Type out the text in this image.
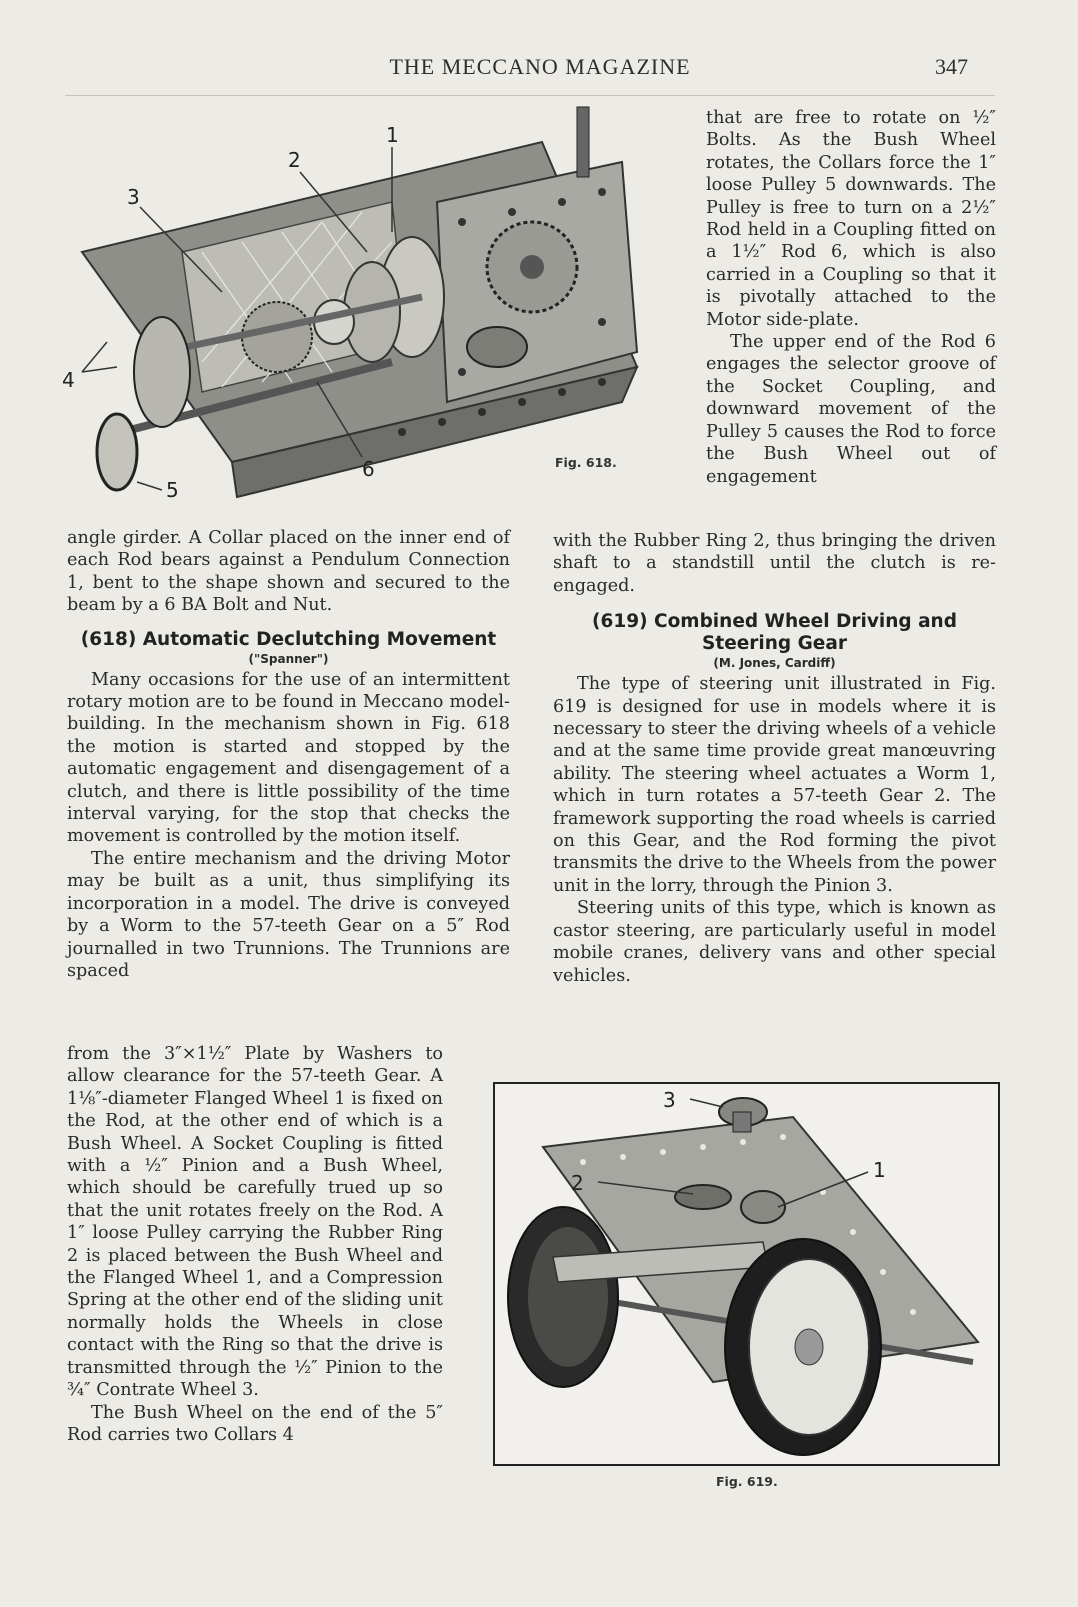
THE MECCANO MAGAZINE	347
1
2
3
4
5
6	Fig. 618.

angle girder. A Collar placed on the inner end of each Rod bears against a Pendulum Connection 1, bent to the shape shown and secured to the beam by a 6 BA Bolt and Nut.

(618) Automatic Declutching Movement
("Spanner")

Many occasions for the use of an intermittent rotary motion are to be found in Meccano model-building. In the mechanism shown in Fig. 618 the motion is started and stopped by the automatic engagement and disengagement of a clutch, and there is little possibility of the time interval varying, for the stop that checks the movement is controlled by the motion itself.

The entire mechanism and the driving Motor may be built as a unit, thus simplifying its incorporation in a model. The drive is conveyed by a Worm to the 57-teeth Gear on a 5″ Rod journalled in two Trunnions. The Trunnions are spaced

from the 3″×1½″ Plate by Washers to allow clearance for the 57-teeth Gear. A 1⅛″-diameter Flanged Wheel 1 is fixed on the Rod, at the other end of which is a Bush Wheel. A Socket Coupling is fitted with a ½″ Pinion and a Bush Wheel, which should be carefully trued up so that the unit rotates freely on the Rod. A 1″ loose Pulley carrying the Rubber Ring 2 is placed between the Bush Wheel and the Flanged Wheel 1, and a Compression Spring at the other end of the sliding unit normally holds the Wheels in close contact with the Ring so that the drive is transmitted through the ½″ Pinion to the ¾″ Contrate Wheel 3.

The Bush Wheel on the end of the 5″ Rod carries two Collars 4

that are free to rotate on ½″ Bolts. As the Bush Wheel rotates, the Collars force the 1″ loose Pulley 5 downwards. The Pulley is free to turn on a 2½″ Rod held in a Coupling fitted on a 1½″ Rod 6, which is also carried in a Coupling so that it is pivotally attached to the Motor side-plate.

The upper end of the Rod 6 engages the selector groove of the Socket Coupling, and downward movement of the Pulley 5 causes the Rod to force the Bush Wheel out of engagement

with the Rubber Ring 2, thus bringing the driven shaft to a standstill until the clutch is re-engaged.

(619) Combined Wheel Driving and Steering Gear
(M. Jones, Cardiff)

The type of steering unit illustrated in Fig. 619 is designed for use in models where it is necessary to steer the driving wheels of a vehicle and at the same time provide great manœuvring ability. The steering wheel actuates a Worm 1, which in turn rotates a 57-teeth Gear 2. The framework supporting the road wheels is carried on this Gear, and the Rod forming the pivot transmits the drive to the Wheels from the power unit in the lorry, through the Pinion 3.

Steering units of this type, which is known as castor steering, are particularly useful in model mobile cranes, delivery vans and other special vehicles.

3
2
1
Fig. 619.
